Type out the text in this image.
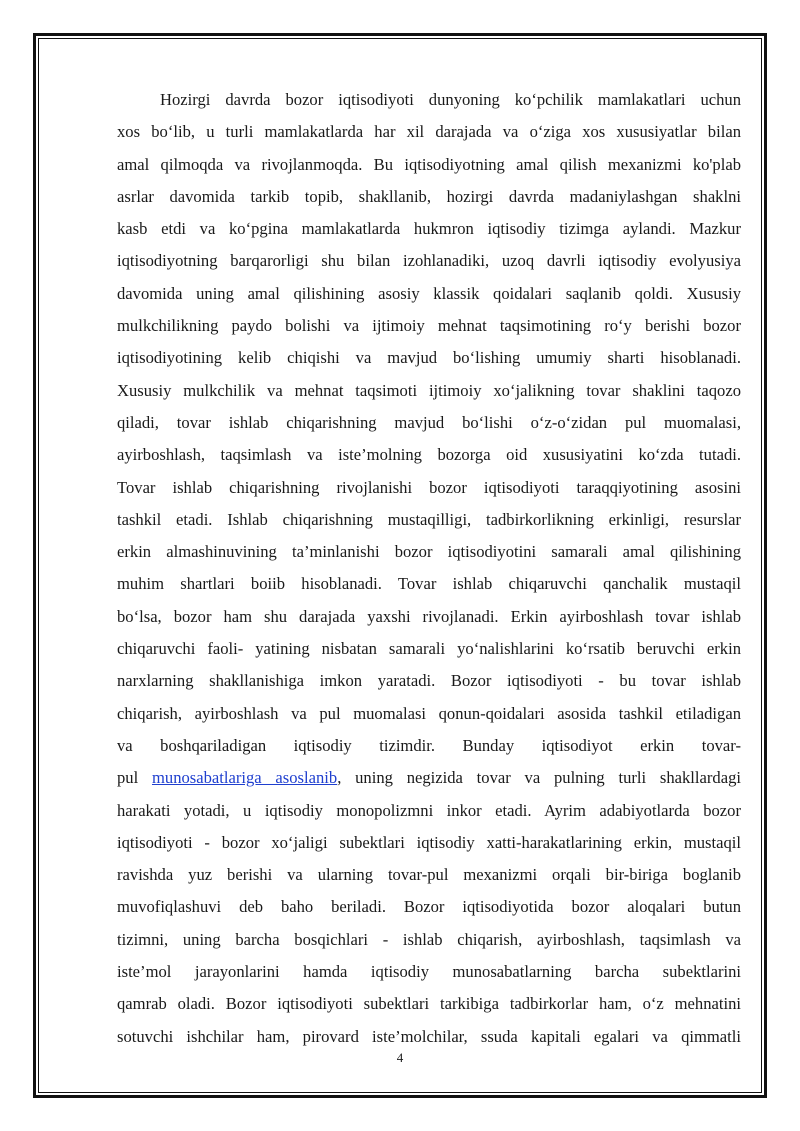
Hozirgi davrda bozor iqtisodiyoti dunyoning ko‘pchilik mamlakatlari uchun
xos bo‘lib, u turli mamlakatlarda har xil darajada va o‘ziga xos xususiyatlar bilan
amal qilmoqda va rivojlanmoqda. Bu iqtisodiyotning amal qilish mexanizmi ko'plab
asrlar davomida tarkib topib, shakllanib, hozirgi davrda madaniylashgan shaklni
kasb etdi va ko‘pgina mamlakatlarda hukmron iqtisodiy tizimga aylandi. Mazkur
iqtisodiyotning barqarorligi shu bilan izohlanadiki, uzoq davrli iqtisodiy evolyusiya
davomida uning amal qilishining asosiy klassik qoidalari saqlanib qoldi. Xususiy
mulkchilikning paydo bolishi va ijtimoiy mehnat taqsimotining ro‘y berishi bozor
iqtisodiyotining kelib chiqishi va mavjud bo‘lishing umumiy sharti hisoblanadi.
Xususiy mulkchilik va mehnat taqsimoti ijtimoiy xo‘jalikning tovar shaklini taqozo
qiladi, tovar ishlab chiqarishning mavjud bo‘lishi o‘z-o‘zidan pul muomalasi,
ayirboshlash, taqsimlash va iste’molning bozorga oid xususiyatini ko‘zda tutadi.
Tovar ishlab chiqarishning rivojlanishi bozor iqtisodiyoti taraqqiyotining asosini
tashkil etadi. Ishlab chiqarishning mustaqilligi, tadbirkorlikning erkinligi, resurslar
erkin almashinuvining ta’minlanishi bozor iqtisodiyotini samarali amal qilishining
muhim shartlari boiib hisoblanadi. Tovar ishlab chiqaruvchi qanchalik mustaqil
bo‘lsa, bozor ham shu darajada yaxshi rivojlanadi. Erkin ayirboshlash tovar ishlab
chiqaruvchi faoli- yatining nisbatan samarali yo‘nalishlarini ko‘rsatib beruvchi erkin
narxlarning shakllanishiga imkon yaratadi. Bozor iqtisodiyoti - bu tovar ishlab
chiqarish, ayirboshlash va pul muomalasi qonun-qoidalari asosida tashkil etiladigan
va boshqariladigan iqtisodiy tizimdir. Bunday iqtisodiyot erkin tovar-
pul munosabatlariga asoslanib, uning negizida tovar va pulning turli shakllardagi
harakati yotadi, u iqtisodiy monopolizmni inkor etadi. Ayrim adabiyotlarda bozor
iqtisodiyoti - bozor xo‘jaligi subektlari iqtisodiy xatti-harakatlarining erkin, mustaqil
ravishda yuz berishi va ularning tovar-pul mexanizmi orqali bir-biriga boglanib
muvofiqlashuvi deb baho beriladi. Bozor iqtisodiyotida bozor aloqalari butun
tizimni, uning barcha bosqichlari - ishlab chiqarish, ayirboshlash, taqsimlash va
iste’mol jarayonlarini hamda iqtisodiy munosabatlarning barcha subektlarini
qamrab oladi. Bozor iqtisodiyoti subektlari tarkibiga tadbirkorlar ham, o‘z mehnatini
sotuvchi ishchilar ham, pirovard iste’molchilar, ssuda kapitali egalari va qimmatli
4
